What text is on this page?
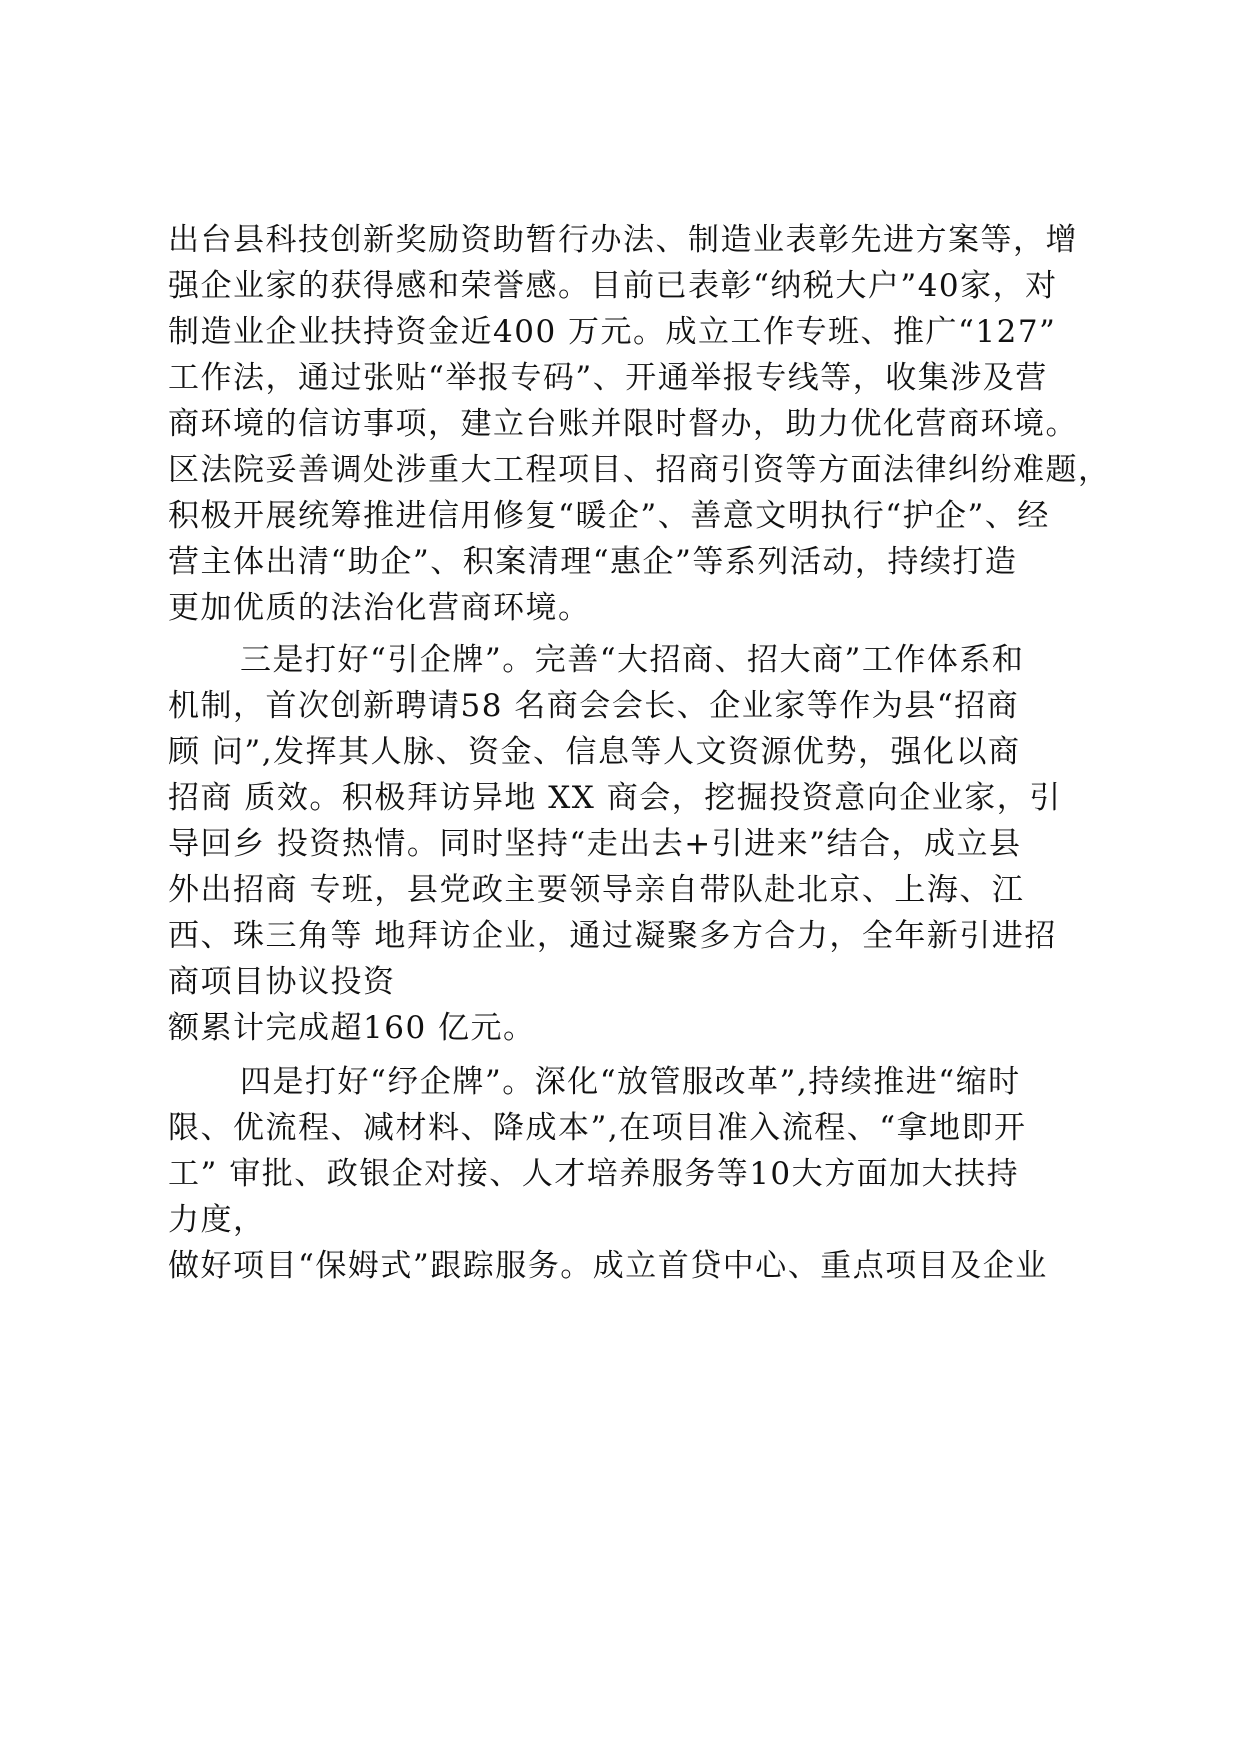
出台县科技创新奖励资助暂行办法、制造业表彰先进方案等，增

强企业家的获得感和荣誉感。目前已表彰“纳税大户”40家，对

制造业企业扶持资金近400 万元。成立工作专班、推广“127”

工作法，通过张贴“举报专码”、开通举报专线等，收集涉及营

商环境的信访事项，建立台账并限时督办，助力优化营商环境。

区法院妥善调处涉重大工程项目、招商引资等方面法律纠纷难题，

积极开展统筹推进信用修复“暖企”、善意文明执行“护企”、经

营主体出清“助企”、积案清理“惠企”等系列活动，持续打造

更加优质的法治化营商环境。

三是打好“引企牌”。完善“大招商、招大商”工作体系和

机制，首次创新聘请58 名商会会长、企业家等作为县“招商

顾 问”,发挥其人脉、资金、信息等人文资源优势，强化以商

招商 质效。积极拜访异地 XX 商会，挖掘投资意向企业家，引

导回乡 投资热情。同时坚持“走出去+引进来”结合，成立县

外出招商 专班，县党政主要领导亲自带队赴北京、上海、江

西、珠三角等 地拜访企业，通过凝聚多方合力，全年新引进招

商项目协议投资

额累计完成超160 亿元。

四是打好“纾企牌”。深化“放管服改革”,持续推进“缩时

限、优流程、减材料、降成本”,在项目准入流程、“拿地即开

工” 审批、政银企对接、人才培养服务等10大方面加大扶持

力度，

做好项目“保姆式”跟踪服务。成立首贷中心、重点项目及企业
